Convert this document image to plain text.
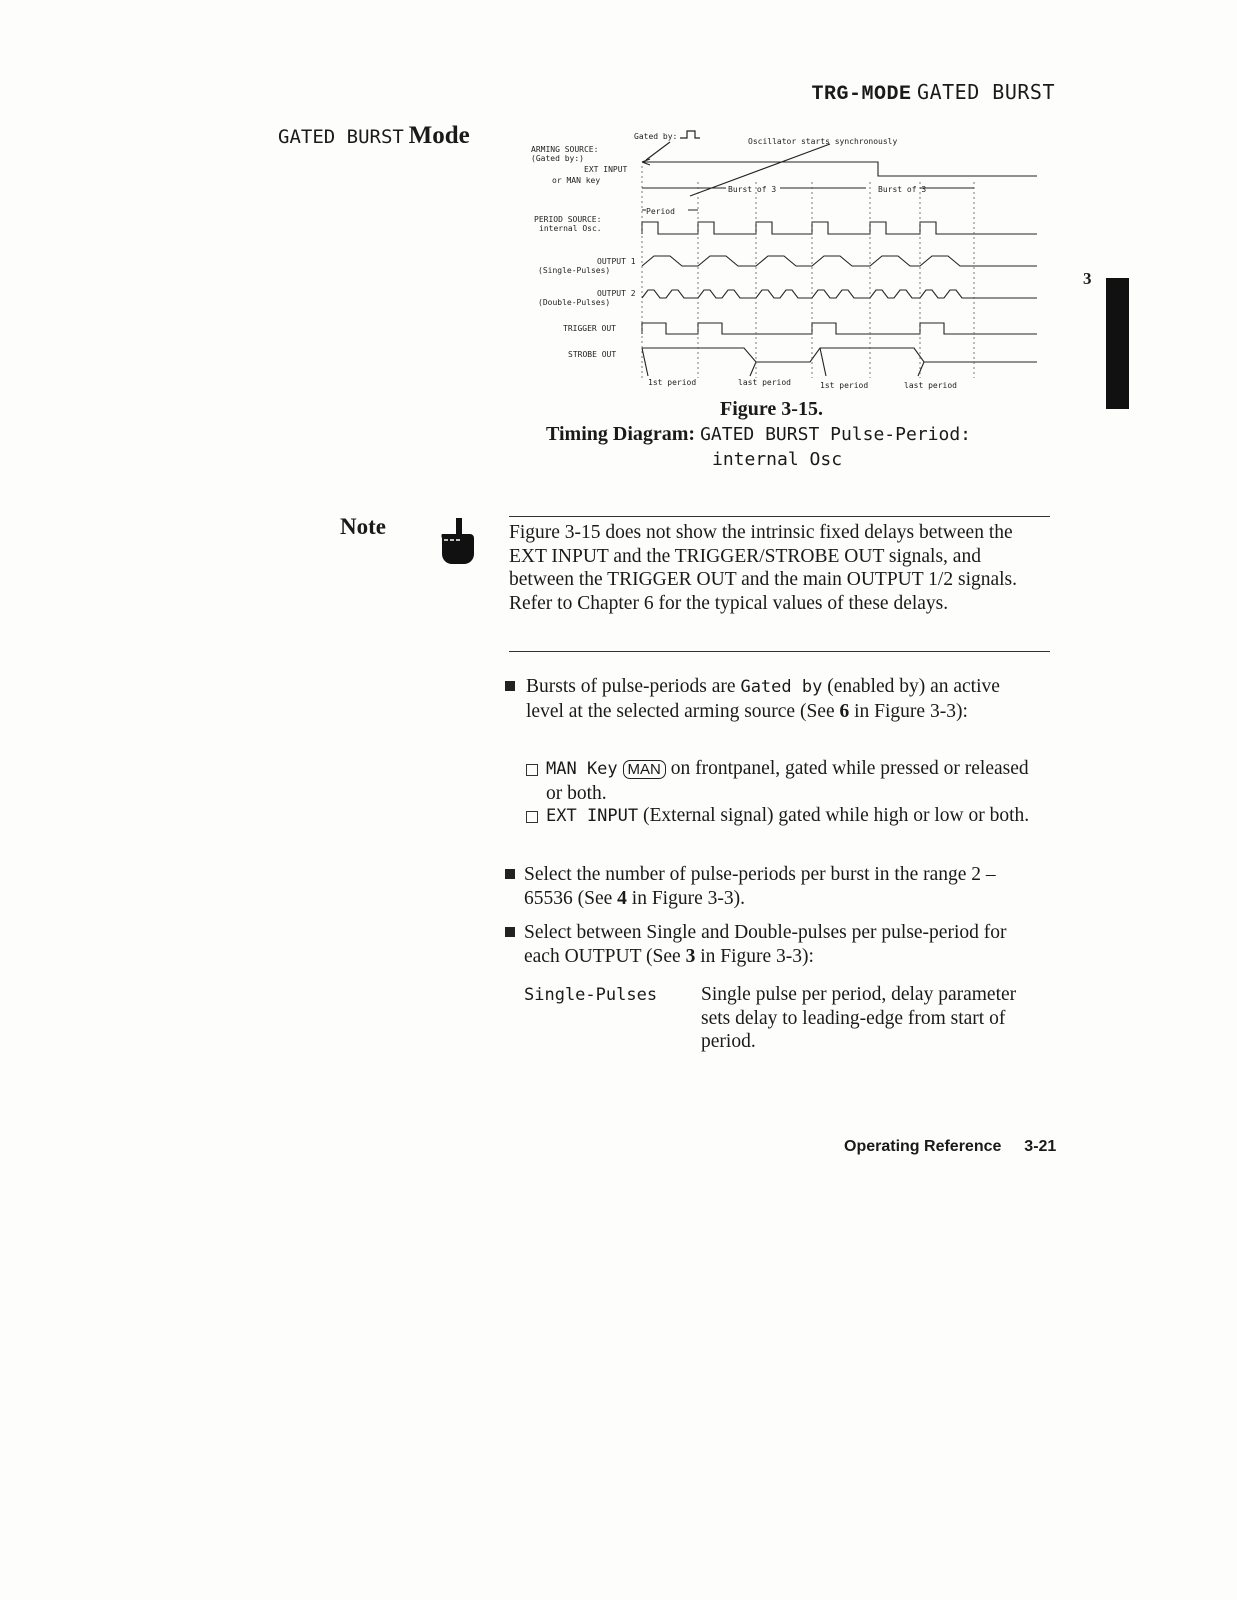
TRG-MODE GATED BURST
GATED BURST Mode
3
Gated by:
Oscillator starts synchronously
ARMING SOURCE:
(Gated by:)
EXT INPUT
or MAN key
Burst of 3	Burst of 3
Period
PERIOD SOURCE:
internal Osc.
OUTPUT 1
(Single-Pulses)
OUTPUT 2
(Double-Pulses)
TRIGGER OUT
STROBE OUT
1st period	last period	1st period	last period
Figure 3-15.
Timing Diagram: GATED BURST Pulse-Period:
internal Osc
Note	Figure 3-15 does not show the intrinsic fixed delays between the EXT INPUT and the TRIGGER/STROBE OUT signals, and between the TRIGGER OUT and the main OUTPUT 1/2 signals. Refer to Chapter 6 for the typical values of these delays.
Bursts of pulse-periods are Gated by (enabled by) an active level at the selected arming source (See 6 in Figure 3-3):
MAN Key MAN on frontpanel, gated while pressed or released or both.
EXT INPUT (External signal) gated while high or low or both.
Select the number of pulse-periods per burst in the range 2 – 65536 (See 4 in Figure 3-3).
Select between Single and Double-pulses per pulse-period for each OUTPUT (See 3 in Figure 3-3):
Single-Pulses Single pulse per period, delay parameter sets delay to leading-edge from start of period.
Operating Reference 3-21
